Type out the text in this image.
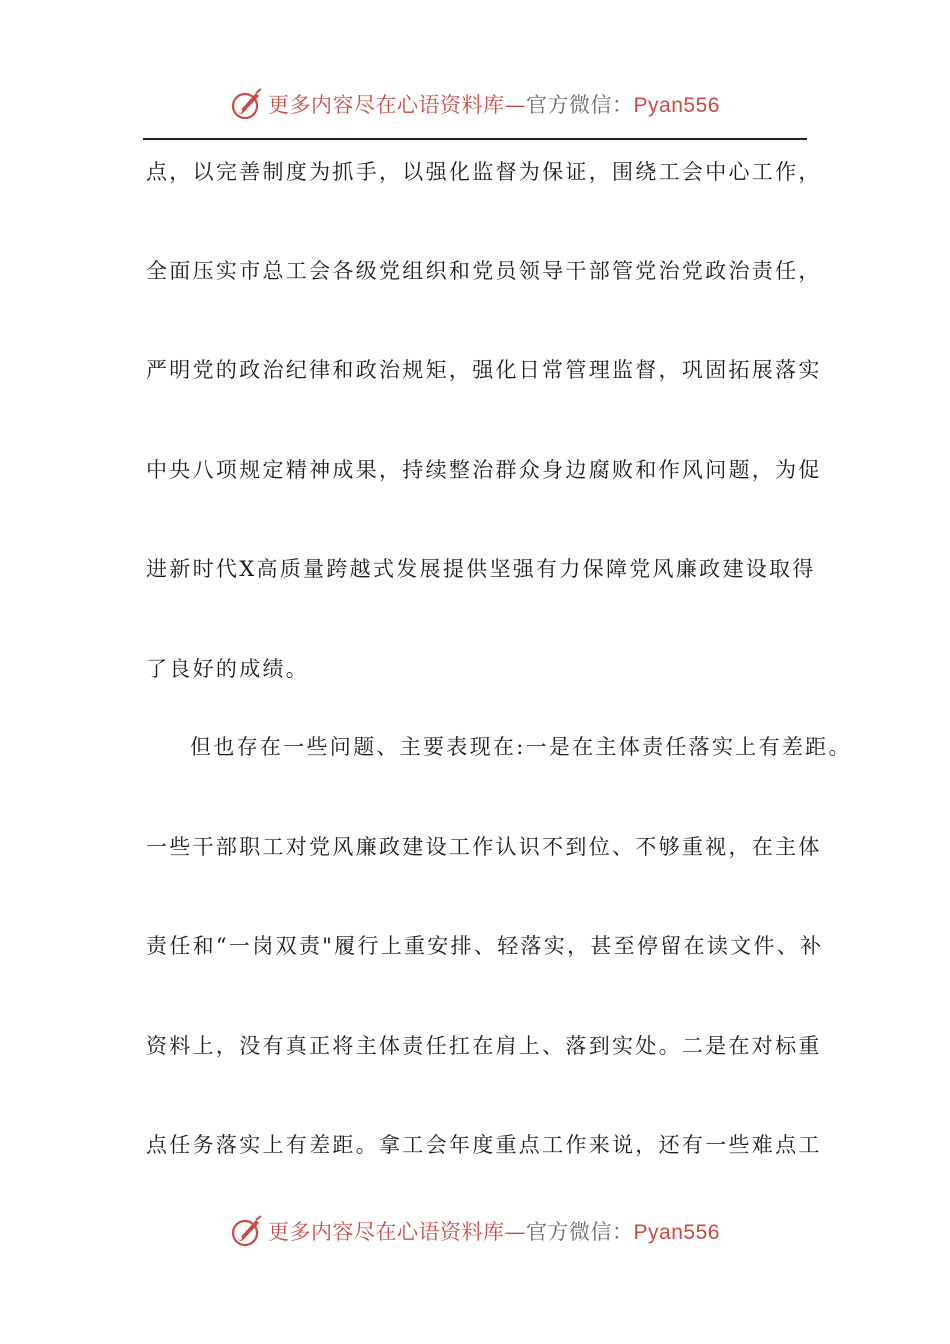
更多内容尽在心语资料库—官方微信：Pyan556
点，以完善制度为抓手，以强化监督为保证，围绕工会中心工作，
全面压实市总工会各级党组织和党员领导干部管党治党政治责任，
严明党的政治纪律和政治规矩，强化日常管理监督，巩固拓展落实
中央八项规定精神成果，持续整治群众身边腐败和作风问题，为促
进新时代X高质量跨越式发展提供坚强有力保障党风廉政建设取得
了良好的成绩。
但也存在一些问题、主要表现在:一是在主体责任落实上有差距。
一些干部职工对党风廉政建设工作认识不到位、不够重视，在主体
责任和“一岗双责"履行上重安排、轻落实，甚至停留在读文件、补
资料上，没有真正将主体责任扛在肩上、落到实处。二是在对标重
点任务落实上有差距。拿工会年度重点工作来说，还有一些难点工
更多内容尽在心语资料库—官方微信：Pyan556
